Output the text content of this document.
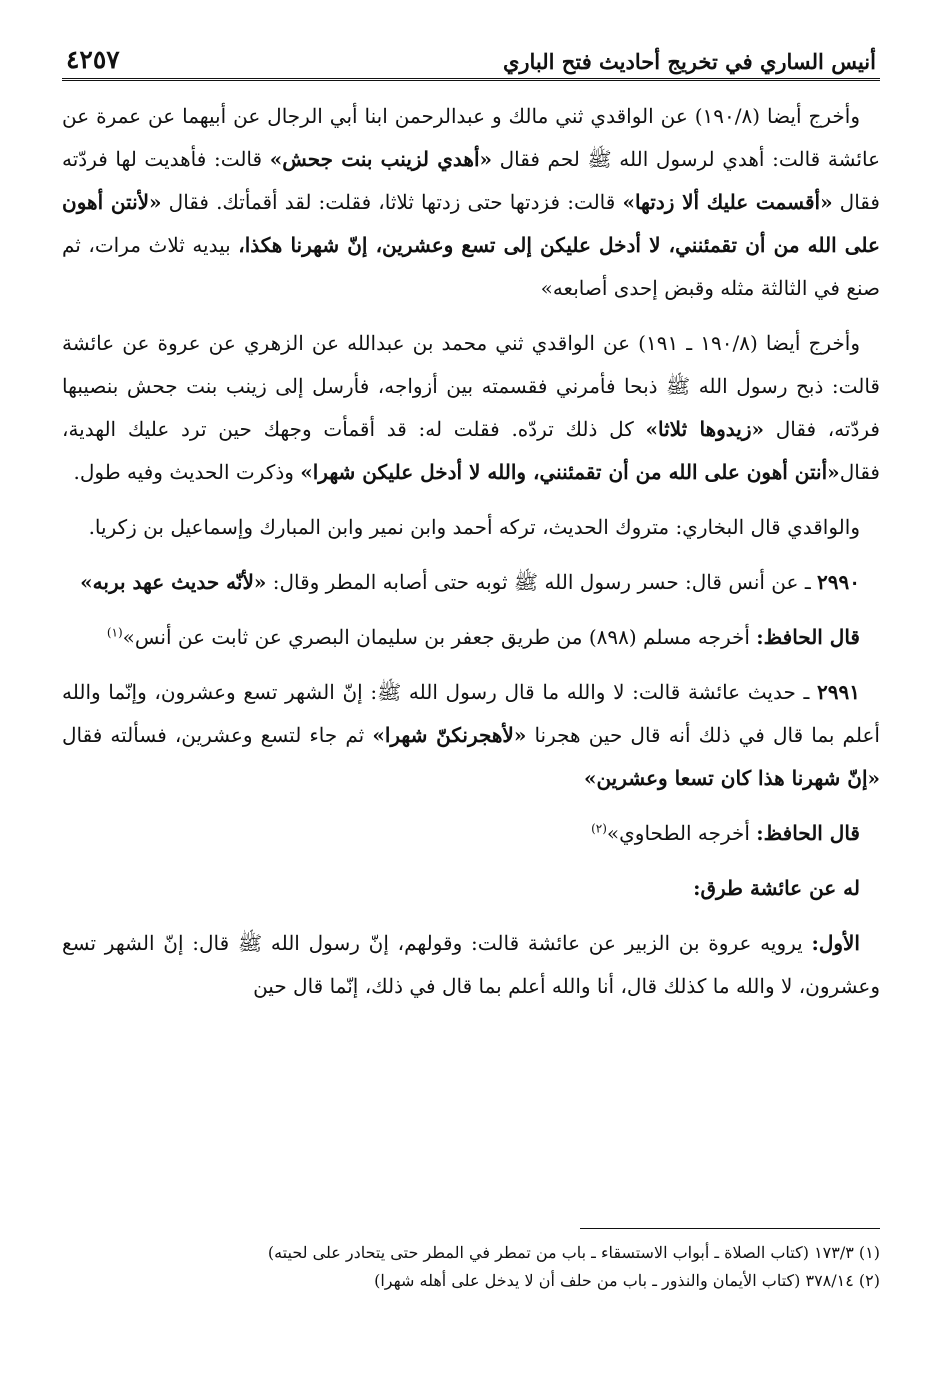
أنيس الساري في تخريج أحاديث فتح الباري
٤٢٥٧

وأخرج أيضا (١٩٠/٨) عن الواقدي ثني مالك و عبدالرحمن ابنا أبي الرجال عن أبيهما عن عمرة عن عائشة قالت: أهدي لرسول الله ﷺ لحم فقال «أهدي لزينب بنت جحش» قالت: فأهديت لها فردّته فقال «أقسمت عليك ألا زدتها» قالت: فزدتها حتى زدتها ثلاثا، فقلت: لقد أقمأتك. فقال «لأنتن أهون على الله من أن تقمئنني، لا أدخل عليكن إلى تسع وعشرين، إنّ شهرنا هكذا، بيديه ثلاث مرات، ثم صنع في الثالثة مثله وقبض إحدى أصابعه»

وأخرج أيضا (١٩٠/٨ ـ ١٩١) عن الواقدي ثني محمد بن عبدالله عن الزهري عن عروة عن عائشة قالت: ذبح رسول الله ﷺ ذبحا فأمرني فقسمته بين أزواجه، فأرسل إلى زينب بنت جحش بنصيبها فردّته، فقال «زيدوها ثلاثا» كل ذلك تردّه. فقلت له: قد أقمأت وجهك حين ترد عليك الهدية، فقال«أنتن أهون على الله من أن تقمئنني، والله لا أدخل عليكن شهرا» وذكرت الحديث وفيه طول.

والواقدي قال البخاري: متروك الحديث، تركه أحمد وابن نمير وابن المبارك وإسماعيل بن زكريا.

٢٩٩٠ ـ عن أنس قال: حسر رسول الله ﷺ ثوبه حتى أصابه المطر وقال: «لأنّه حديث عهد بربه»

قال الحافظ: أخرجه مسلم (٨٩٨) من طريق جعفر بن سليمان البصري عن ثابت عن أنس»$^{(١)}$

٢٩٩١ ـ حديث عائشة قالت: لا والله ما قال رسول الله ﷺ: إنّ الشهر تسع وعشرون، وإنّما والله أعلم بما قال في ذلك أنه قال حين هجرنا «لأهجرنكنّ شهرا» ثم جاء لتسع وعشرين، فسألته فقال «إنّ شهرنا هذا كان تسعا وعشرين»

قال الحافظ: أخرجه الطحاوي»$^{(٢)}$

له عن عائشة طرق:

الأول: يرويه عروة بن الزبير عن عائشة قالت: وقولهم، إنّ رسول الله ﷺ قال: إنّ الشهر تسع وعشرون، لا والله ما كذلك قال، أنا والله أعلم بما قال في ذلك، إنّما قال حين

(١) ١٧٣/٣ (كتاب الصلاة ـ أبواب الاستسقاء ـ باب من تمطر في المطر حتى يتحادر على لحيته)

(٢) ٣٧٨/١٤ (كتاب الأيمان والنذور ـ باب من حلف أن لا يدخل على أهله شهرا)
